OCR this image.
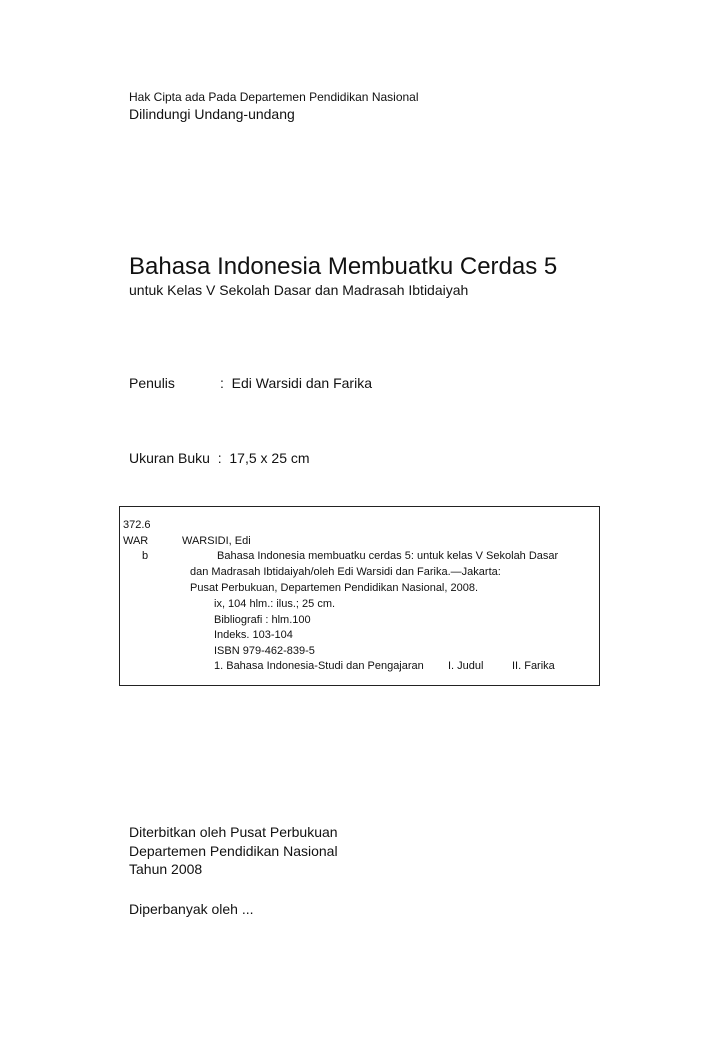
Hak Cipta ada Pada Departemen Pendidikan Nasional
Dilindungi Undang-undang
Bahasa Indonesia Membuatku Cerdas 5
untuk Kelas V Sekolah Dasar dan Madrasah Ibtidaiyah
Penulis	: Edi Warsidi dan Farika
Ukuran Buku : 17,5 x 25 cm
372.6
WAR	WARSIDI, Edi
b	Bahasa Indonesia membuatku cerdas 5: untuk kelas V Sekolah Dasar
dan Madrasah Ibtidaiyah/oleh Edi Warsidi dan Farika.—Jakarta:
Pusat Perbukuan, Departemen Pendidikan Nasional, 2008.
ix, 104 hlm.: ilus.; 25 cm.
Bibliografi : hlm.100
Indeks. 103-104
ISBN 979-462-839-5
1. Bahasa Indonesia-Studi dan Pengajaran I. Judul	II. Farika
Diterbitkan oleh Pusat Perbukuan
Departemen Pendidikan Nasional
Tahun 2008
Diperbanyak oleh ...
